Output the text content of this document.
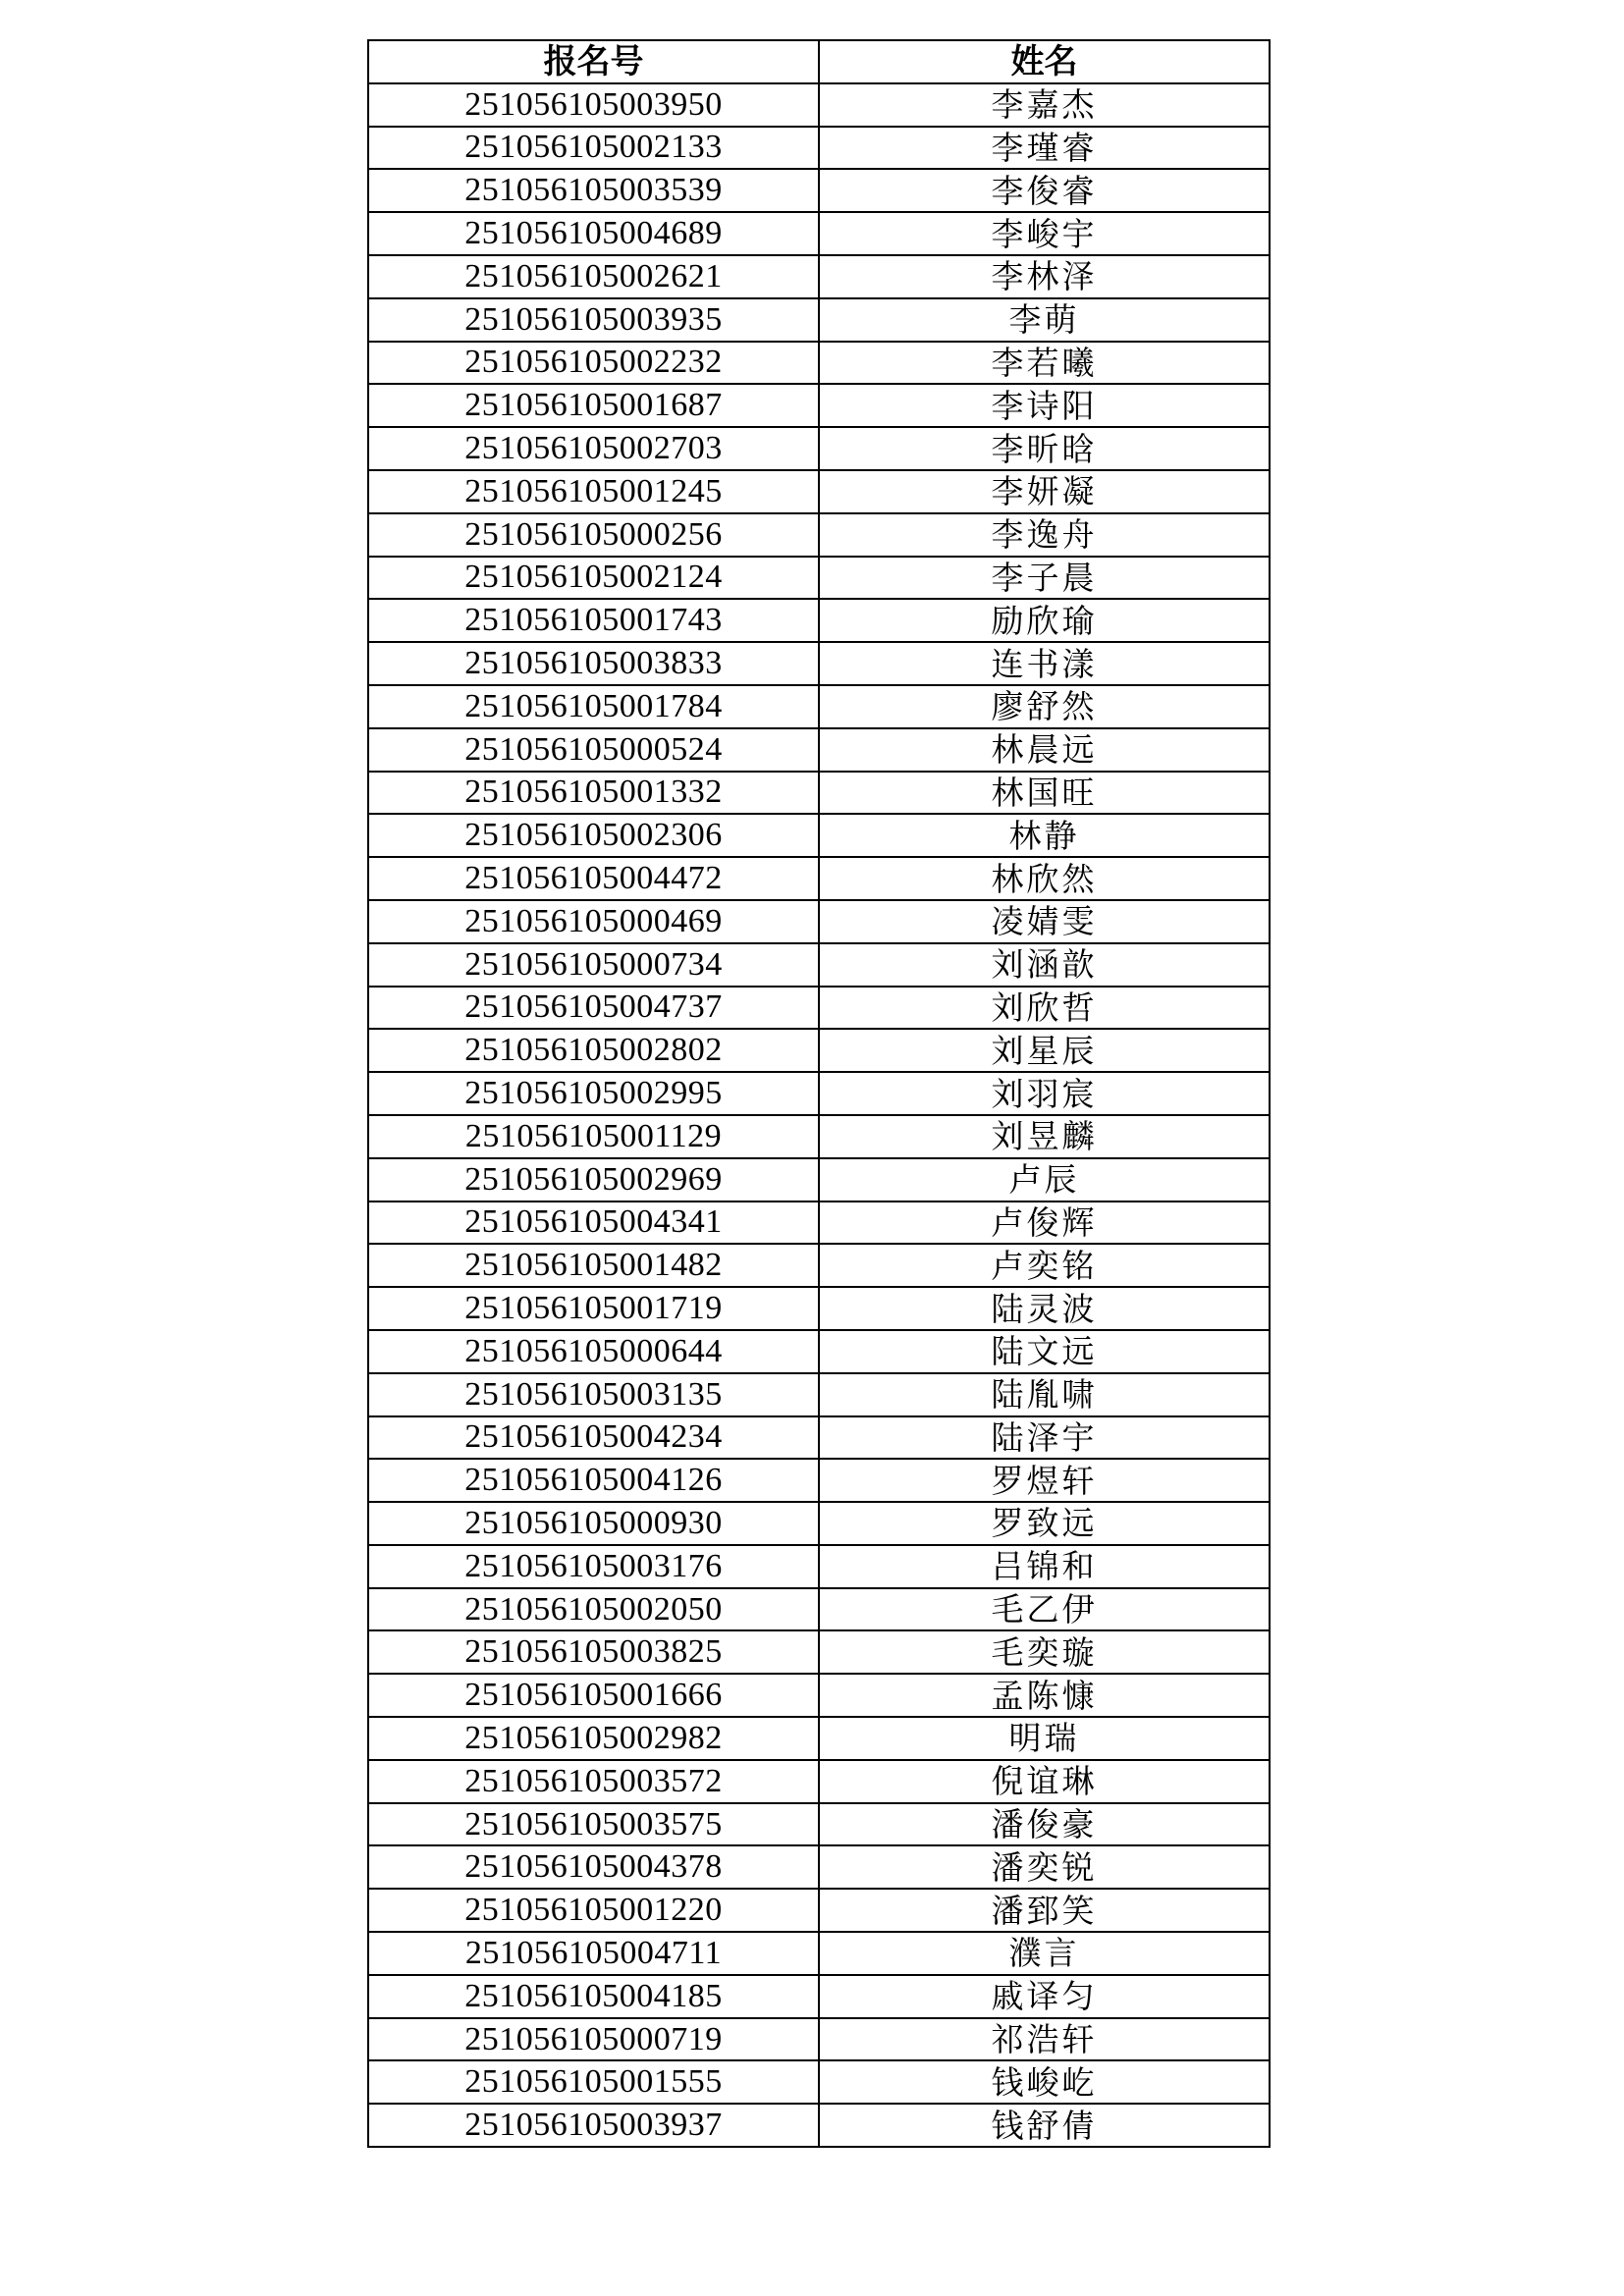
报名号	姓名
251056105003950	李嘉杰
251056105002133	李瑾睿
251056105003539	李俊睿
251056105004689	李峻宇
251056105002621	李林泽
251056105003935	李萌
251056105002232	李若曦
251056105001687	李诗阳
251056105002703	李昕晗
251056105001245	李妍凝
251056105000256	李逸舟
251056105002124	李子晨
251056105001743	励欣瑜
251056105003833	连书漾
251056105001784	廖舒然
251056105000524	林晨远
251056105001332	林国旺
251056105002306	林静
251056105004472	林欣然
251056105000469	凌婧雯
251056105000734	刘涵歆
251056105004737	刘欣哲
251056105002802	刘星辰
251056105002995	刘羽宸
251056105001129	刘昱麟
251056105002969	卢辰
251056105004341	卢俊辉
251056105001482	卢奕铭
251056105001719	陆灵波
251056105000644	陆文远
251056105003135	陆胤啸
251056105004234	陆泽宇
251056105004126	罗煜轩
251056105000930	罗致远
251056105003176	吕锦和
251056105002050	毛乙伊
251056105003825	毛奕璇
251056105001666	孟陈慷
251056105002982	明瑞
251056105003572	倪谊琳
251056105003575	潘俊豪
251056105004378	潘奕锐
251056105001220	潘郅笑
251056105004711	濮言
251056105004185	戚译匀
251056105000719	祁浩轩
251056105001555	钱峻屹
251056105003937	钱舒倩
